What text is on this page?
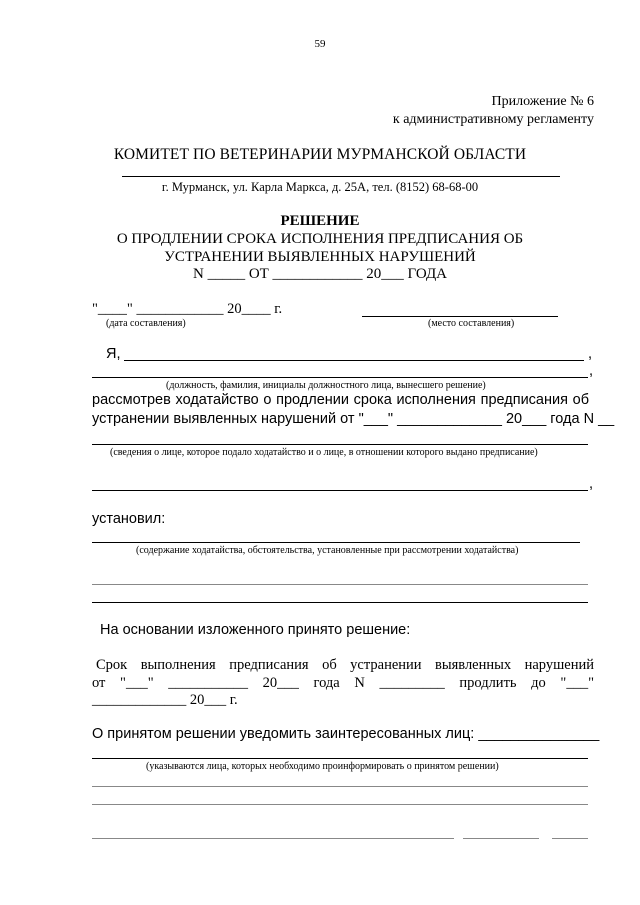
59
Приложение № 6
к административному регламенту
КОМИТЕТ ПО ВЕТЕРИНАРИИ МУРМАНСКОЙ ОБЛАСТИ
г. Мурманск, ул. Карла Маркса, д. 25А, тел. (8152) 68-68-00
РЕШЕНИЕ
О ПРОДЛЕНИИ СРОКА ИСПОЛНЕНИЯ ПРЕДПИСАНИЯ ОБ
УСТРАНЕНИИ ВЫЯВЛЕННЫХ НАРУШЕНИЙ
N _____ ОТ ____________ 20___ ГОДА
"____" ____________ 20____ г.
(дата составления)	(место составления)
Я,	,
,
(должность, фамилия, инициалы должностного лица, вынесшего решение)
рассмотрев ходатайство о продлении срока исполнения предписания об
устранении выявленных нарушений от "___" _____________ 20___ года N __
(сведения о лице, которое подало ходатайство и о лице, в отношении которого выдано предписание)
,
установил:
(содержание ходатайства, обстоятельства, установленные при рассмотрении ходатайства)
На основании изложенного принято решение:
Срок выполнения предписания об устранении выявленных нарушений
от "___" ___________ 20___ года N _________ продлить до "___"
_____________ 20___ г.
О принятом решении уведомить заинтересованных лиц: _______________
(указываются лица, которых необходимо проинформировать о принятом решении)
